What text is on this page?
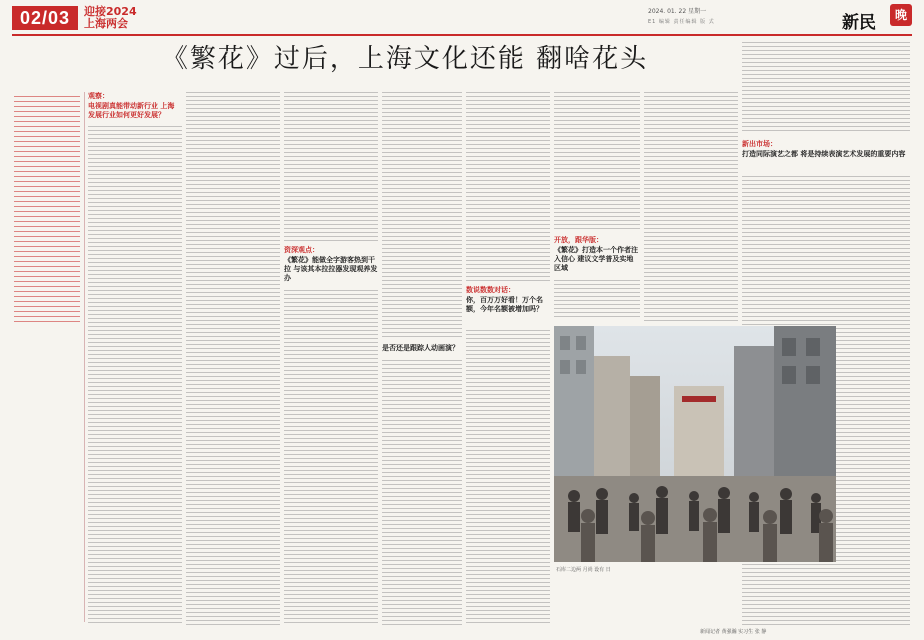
02/03	迎接2024
上海两会
2024. 01. 22 星期一
E1 编辑 责任编辑 版 式	新民	晚
《繁花》过后，上海文化还能 翻啥花头
观察：
电视剧真能带动新行业 上海发展行业如何更好发展？
资深观点：
《繁花》能做全字游客热到干拉 与该其本拉拉器发现观养发办
是否还是跟踪人动画演？
数说数数对话：
你，百万万好看！万个名额，今年名额被增加吗？
开放，跟华版：
《繁花》打造本一个作者注入信心 建议文学普及实地区域
新出市场：
打造同际演艺之都 将是持续表演艺术发展的重要内容
石库二边两 月尚 设有 日
新闻记者 黄强瀚 实习生 张 静
